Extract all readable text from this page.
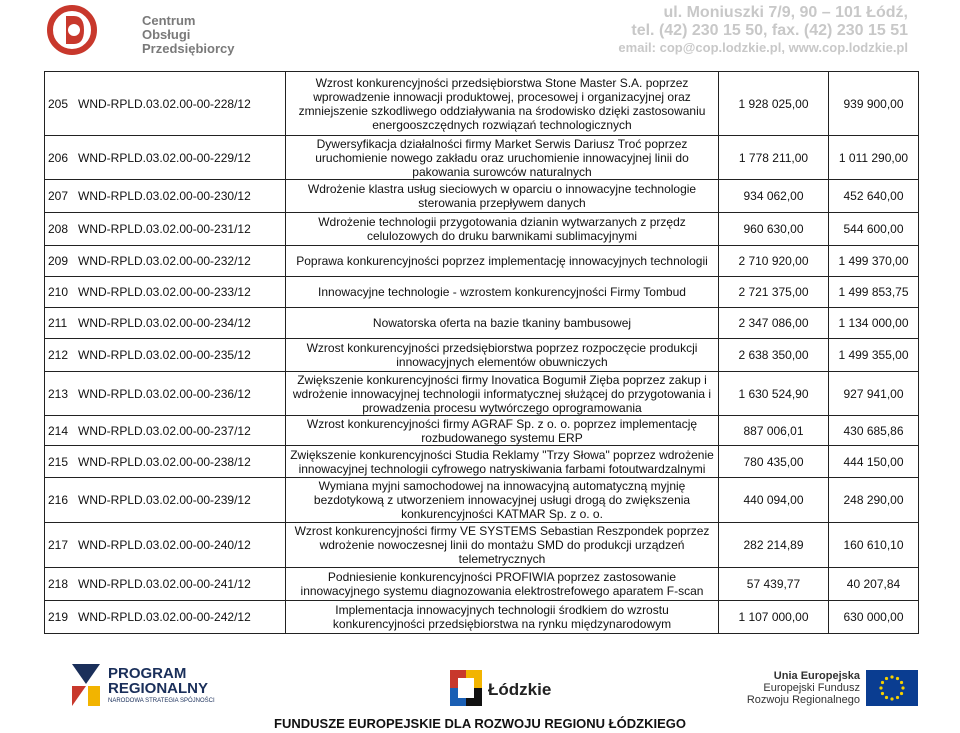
Centrum
Obsługi
Przedsiębiorcy
ul. Moniuszki 7/9, 90 – 101 Łódź,
tel. (42) 230 15 50, fax. (42) 230 15 51
email: cop@cop.lodzkie.pl, www.cop.lodzkie.pl
205 WND-RPLD.03.02.00-00-228/12	Wzrost konkurencyjności przedsiębiorstwa Stone Master S.A. poprzez wprowadzenie innowacji produktowej, procesowej i organizacyjnej oraz zmniejszenie szkodliwego oddziaływania na środowisko dzięki zastosowaniu energooszczędnych rozwiązań technologicznych	1 928 025,00	939 900,00
206 WND-RPLD.03.02.00-00-229/12	Dywersyfikacja działalności firmy Market Serwis Dariusz Troć poprzez uruchomienie nowego zakładu oraz uruchomienie innowacyjnej linii do pakowania surowców naturalnych	1 778 211,00	1 011 290,00
207 WND-RPLD.03.02.00-00-230/12	Wdrożenie klastra usług sieciowych w oparciu o innowacyjne technologie sterowania przepływem danych	934 062,00	452 640,00
208 WND-RPLD.03.02.00-00-231/12	Wdrożenie technologii przygotowania dzianin wytwarzanych z przędz celulozowych do druku barwnikami sublimacyjnymi	960 630,00	544 600,00
209 WND-RPLD.03.02.00-00-232/12	Poprawa konkurencyjności poprzez implementację innowacyjnych technologii	2 710 920,00	1 499 370,00
210 WND-RPLD.03.02.00-00-233/12	Innowacyjne technologie - wzrostem konkurencyjności Firmy Tombud	2 721 375,00	1 499 853,75
211 WND-RPLD.03.02.00-00-234/12	Nowatorska oferta na bazie tkaniny bambusowej	2 347 086,00	1 134 000,00
212 WND-RPLD.03.02.00-00-235/12	Wzrost konkurencyjności przedsiębiorstwa poprzez rozpoczęcie produkcji innowacyjnych elementów obuwniczych	2 638 350,00	1 499 355,00
213 WND-RPLD.03.02.00-00-236/12	Zwiększenie konkurencyjności firmy Inovatica Bogumił Zięba poprzez zakup i wdrożenie innowacyjnej technologii informatycznej służącej do przygotowania i prowadzenia procesu wytwórczego oprogramowania	1 630 524,90	927 941,00
214 WND-RPLD.03.02.00-00-237/12	Wzrost konkurencyjności firmy AGRAF Sp. z o. o. poprzez implementację rozbudowanego systemu ERP	887 006,01	430 685,86
215 WND-RPLD.03.02.00-00-238/12	Zwiększenie konkurencyjności Studia Reklamy "Trzy Słowa" poprzez wdrożenie innowacyjnej technologii cyfrowego natryskiwania farbami fotoutwardzalnymi	780 435,00	444 150,00
216 WND-RPLD.03.02.00-00-239/12	Wymiana myjni samochodowej na innowacyjną automatyczną myjnię bezdotykową z utworzeniem innowacyjnej usługi drogą do zwiększenia konkurencyjności KATMAR Sp. z o. o.	440 094,00	248 290,00
217 WND-RPLD.03.02.00-00-240/12	Wzrost konkurencyjności firmy VE SYSTEMS Sebastian Reszpondek poprzez wdrożenie nowoczesnej linii do montażu SMD do produkcji urządzeń telemetrycznych	282 214,89	160 610,10
218 WND-RPLD.03.02.00-00-241/12	Podniesienie konkurencyjności PROFIWIA poprzez zastosowanie innowacyjnego systemu diagnozowania elektrostrefowego aparatem F-scan	57 439,77	40 207,84
219 WND-RPLD.03.02.00-00-242/12	Implementacja innowacyjnych technologii środkiem do wzrostu konkurencyjności przedsiębiorstwa na rynku międzynarodowym	1 107 000,00	630 000,00
PROGRAM
REGIONALNY
NARODOWA STRATEGIA SPÓJNOŚCI
Łódzkie
Unia Europejska
Europejski Fundusz
Rozwoju Regionalnego
FUNDUSZE EUROPEJSKIE DLA ROZWOJU REGIONU ŁÓDZKIEGO
